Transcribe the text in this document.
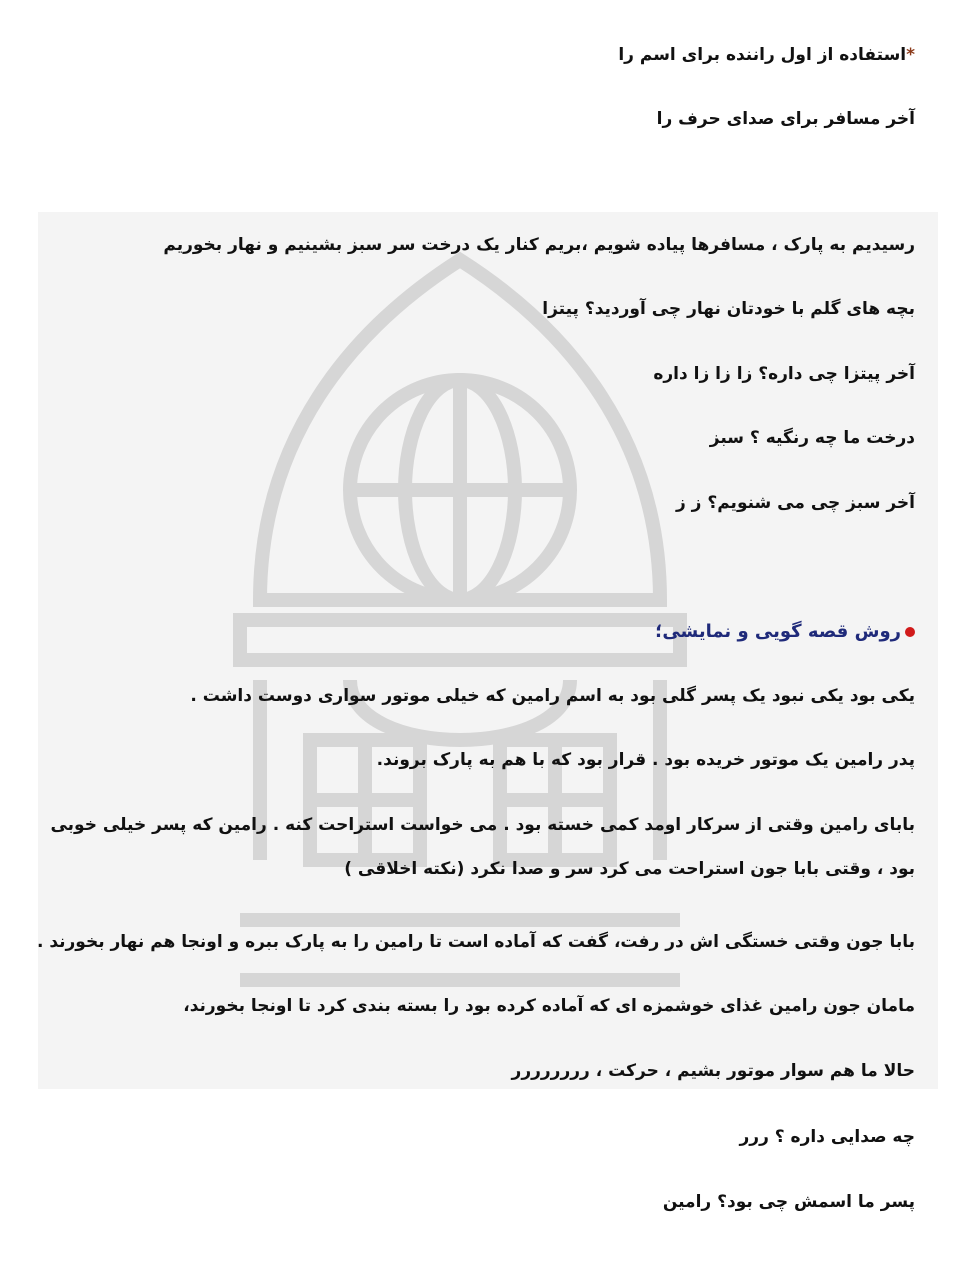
*استفاده از اول راننده برای اسم را
آخر مسافر برای صدای حرف را
رسیدیم به پارک ، مسافرها پیاده شویم ،بریم کنار یک درخت سر سبز بشینیم و نهار بخوریم
بچه های گلم با خودتان نهار چی آوردید؟ پیتزا
آخر پیتزا چی داره؟ زا زا زا داره
درخت ما چه رنگیه ؟ سبز
آخر سبز چی می شنویم؟ ز ز
روش قصه گویی و نمایشی؛
یکی بود یکی نبود یک پسر گلی بود به اسم رامین که خیلی موتور سواری دوست داشت .
پدر رامین یک موتور خریده بود . قرار بود که با هم به پارک بروند.
بابای رامین وقتی از سرکار اومد کمی خسته بود . می خواست استراحت کنه . رامین که پسر خیلی خوبی
بود ، وقتی بابا جون استراحت می کرد سر و صدا نکرد (نکته اخلاقی )
بابا جون وقتی خستگی اش در رفت، گفت که آماده است تا رامین را به پارک ببره و اونجا هم نهار بخورند .
مامان جون رامین غذای خوشمزه ای که آماده کرده بود را بسته بندی کرد تا اونجا بخورند،
حالا ما هم سوار موتور بشیم ، حرکت ، رررررررر
چه صدایی داره ؟ ررر
پسر ما اسمش چی بود؟ رامین
